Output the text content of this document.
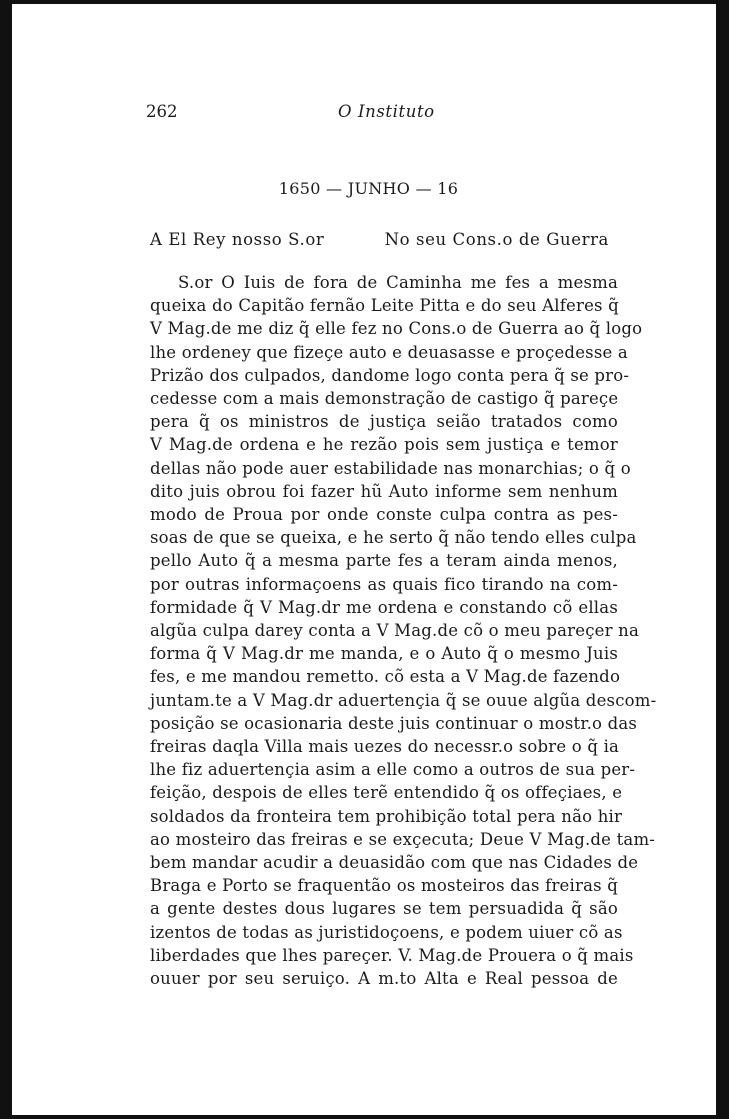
262	O Instituto
1650 — JUNHO — 16
A El Rey nosso S.or	No seu Cons.o de Guerra
S.or O Iuis de fora de Caminha me fes a mesma
queixa do Capitão fernão Leite Pitta e do seu Alferes q̃
V Mag.de me diz q̃ elle fez no Cons.o de Guerra ao q̃ logo
lhe ordeney que fizeçe auto e deuasasse e proçedesse a
Prizão dos culpados, dandome logo conta pera q̃ se pro-
cedesse com a mais demonstração de castigo q̃ pareçe
pera q̃ os ministros de justiça seião tratados como
V Mag.de ordena e he rezão pois sem justiça e temor
dellas não pode auer estabilidade nas monarchias; o q̃ o
dito juis obrou foi fazer hũ Auto informe sem nenhum
modo de Proua por onde conste culpa contra as pes-
soas de que se queixa, e he serto q̃ não tendo elles culpa
pello Auto q̃ a mesma parte fes a teram ainda menos,
por outras informaçoens as quais fico tirando na com-
formidade q̃ V Mag.dr me ordena e constando cõ ellas
algũa culpa darey conta a V Mag.de cõ o meu pareçer na
forma q̃ V Mag.dr me manda, e o Auto q̃ o mesmo Juis
fes, e me mandou remetto. cõ esta a V Mag.de fazendo
juntam.te a V Mag.dr aduertençia q̃ se ouue algũa descom-
posição se ocasionaria deste juis continuar o mostr.o das
freiras daqla Villa mais uezes do necessr.o sobre o q̃ ia
lhe fiz aduertençia asim a elle como a outros de sua per-
feição, despois de elles terẽ entendido q̃ os offeçiaes, e
soldados da fronteira tem prohibição total pera não hir
ao mosteiro das freiras e se exçecuta; Deue V Mag.de tam-
bem mandar acudir a deuasidão com que nas Cidades de
Braga e Porto se fraquentão os mosteiros das freiras q̃
a gente destes dous lugares se tem persuadida q̃ são
izentos de todas as juristidoçoens, e podem uiuer cõ as
liberdades que lhes pareçer. V. Mag.de Prouera o q̃ mais
ouuer por seu seruiço. A m.to Alta e Real pessoa de
